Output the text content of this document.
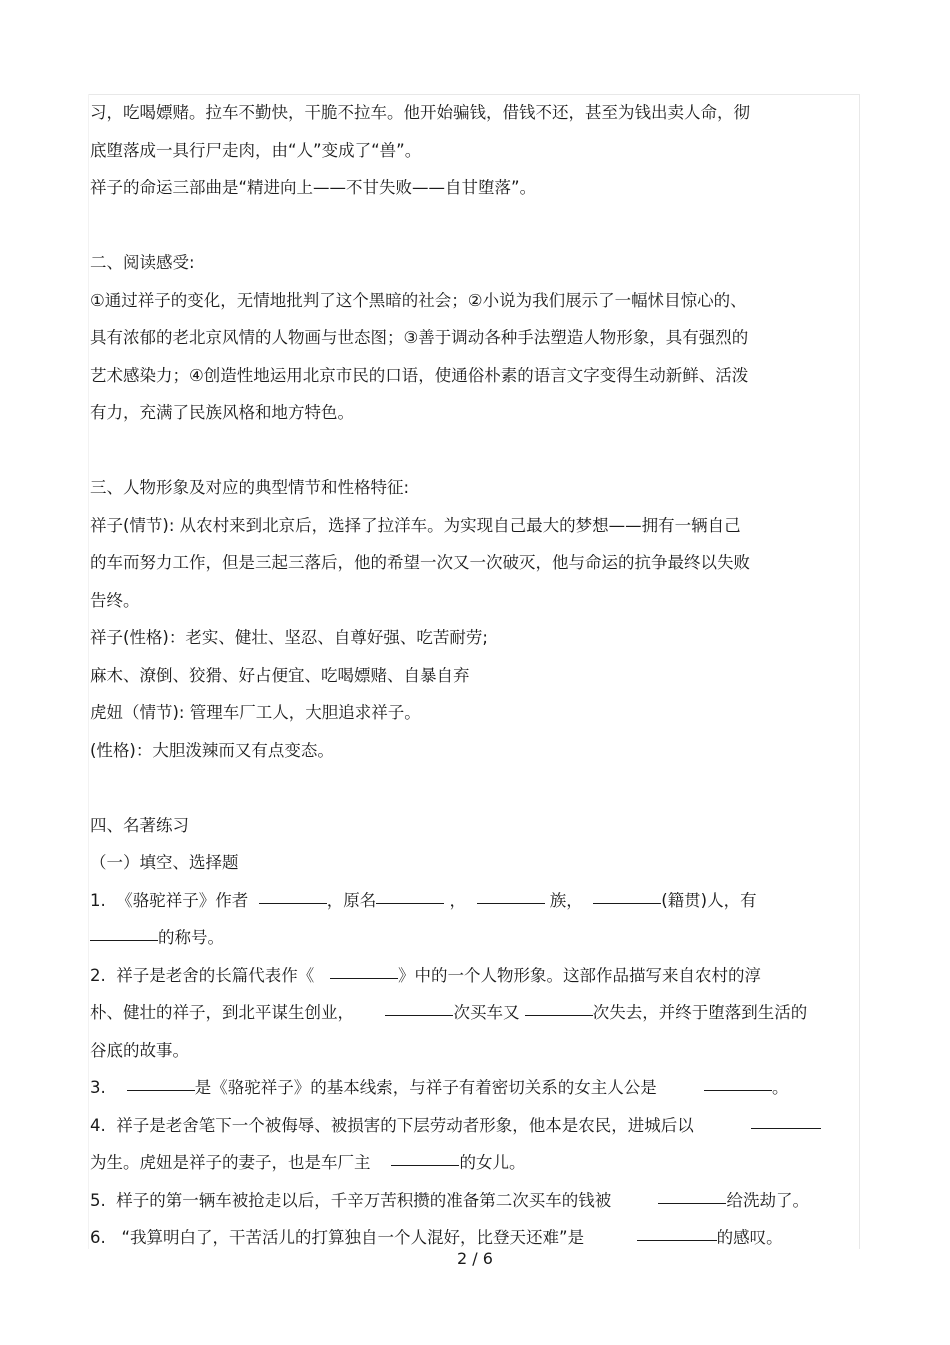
习，吃喝嫖赌。拉车不勤快，干脆不拉车。他开始骗钱，借钱不还，甚至为钱出卖人命，彻
底堕落成一具行尸走肉，由“人”变成了“兽”。
祥子的命运三部曲是“精进向上——不甘失败——自甘堕落”。
二、阅读感受:
①通过祥子的变化，无情地批判了这个黑暗的社会；②小说为我们展示了一幅怵目惊心的、
具有浓郁的老北京风情的人物画与世态图；③善于调动各种手法塑造人物形象，具有强烈的
艺术感染力；④创造性地运用北京市民的口语，使通俗朴素的语言文字变得生动新鲜、活泼
有力，充满了民族风格和地方特色。
三、人物形象及对应的典型情节和性格特征:
祥子(情节): 从农村来到北京后，选择了拉洋车。为实现自己最大的梦想——拥有一辆自己
的车而努力工作，但是三起三落后，他的希望一次又一次破灭，他与命运的抗争最终以失败
告终。
祥子(性格)：老实、健壮、坚忍、自尊好强、吃苦耐劳;
麻木、潦倒、狡猾、好占便宜、吃喝嫖赌、自暴自弃
虎妞（情节): 管理车厂工人，大胆追求祥子。
(性格)：大胆泼辣而又有点变态。
四、名著练习
（一）填空、选择题
1. 《骆驼祥子》作者	，原名	，	族，	(籍贯)人，有
的称号。
2. 祥子是老舍的长篇代表作《	》中的一个人物形象。这部作品描写来自农村的淳
朴、健壮的祥子，到北平谋生创业，	次买车又	次失去，并终于堕落到生活的
谷底的故事。
3.	是《骆驼祥子》的基本线索，与祥子有着密切关系的女主人公是	。
4. 祥子是老舍笔下一个被侮辱、被损害的下层劳动者形象，他本是农民，进城后以
为生。虎妞是祥子的妻子，也是车厂主	的女儿。
5. 样子的第一辆车被抢走以后，千辛万苦积攒的准备第二次买车的钱被	给洗劫了。
6. “我算明白了，干苦活儿的打算独自一个人混好，比登天还难”是	的感叹。
2 / 6
